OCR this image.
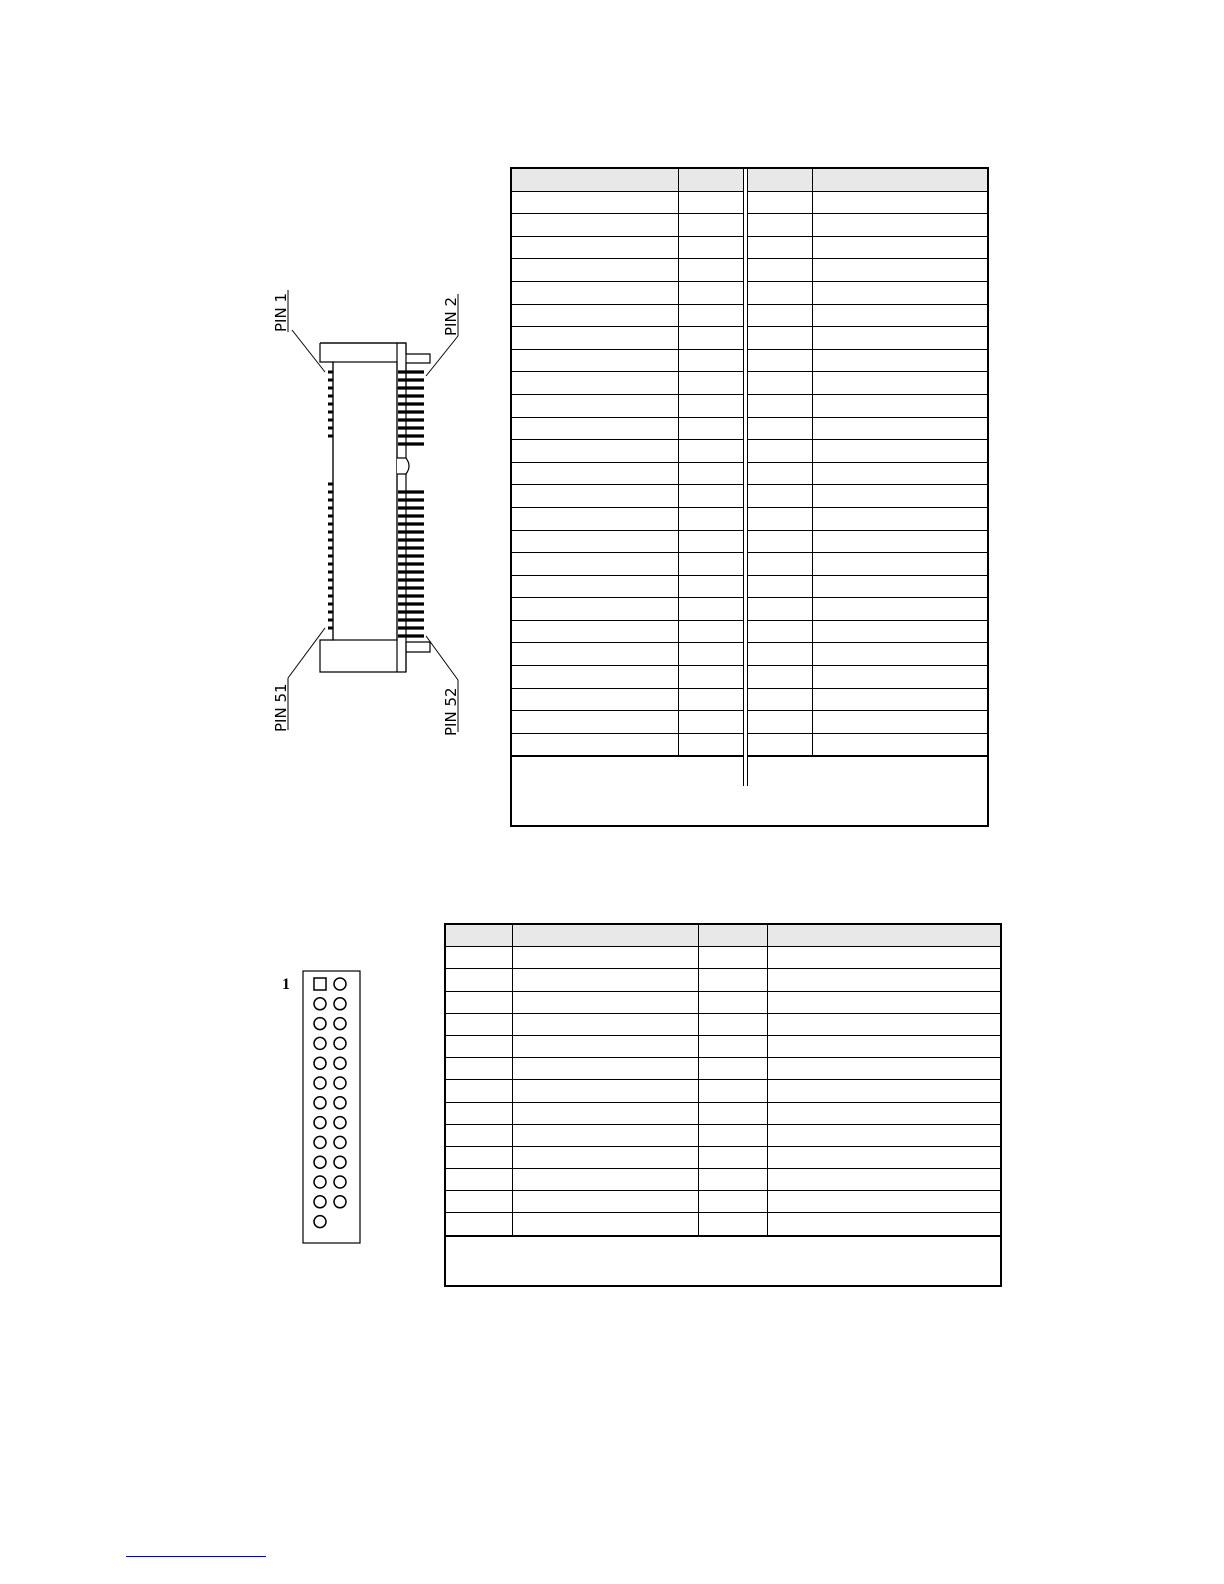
PIN 1	PIN 2
PIN 51	PIN 52

1
